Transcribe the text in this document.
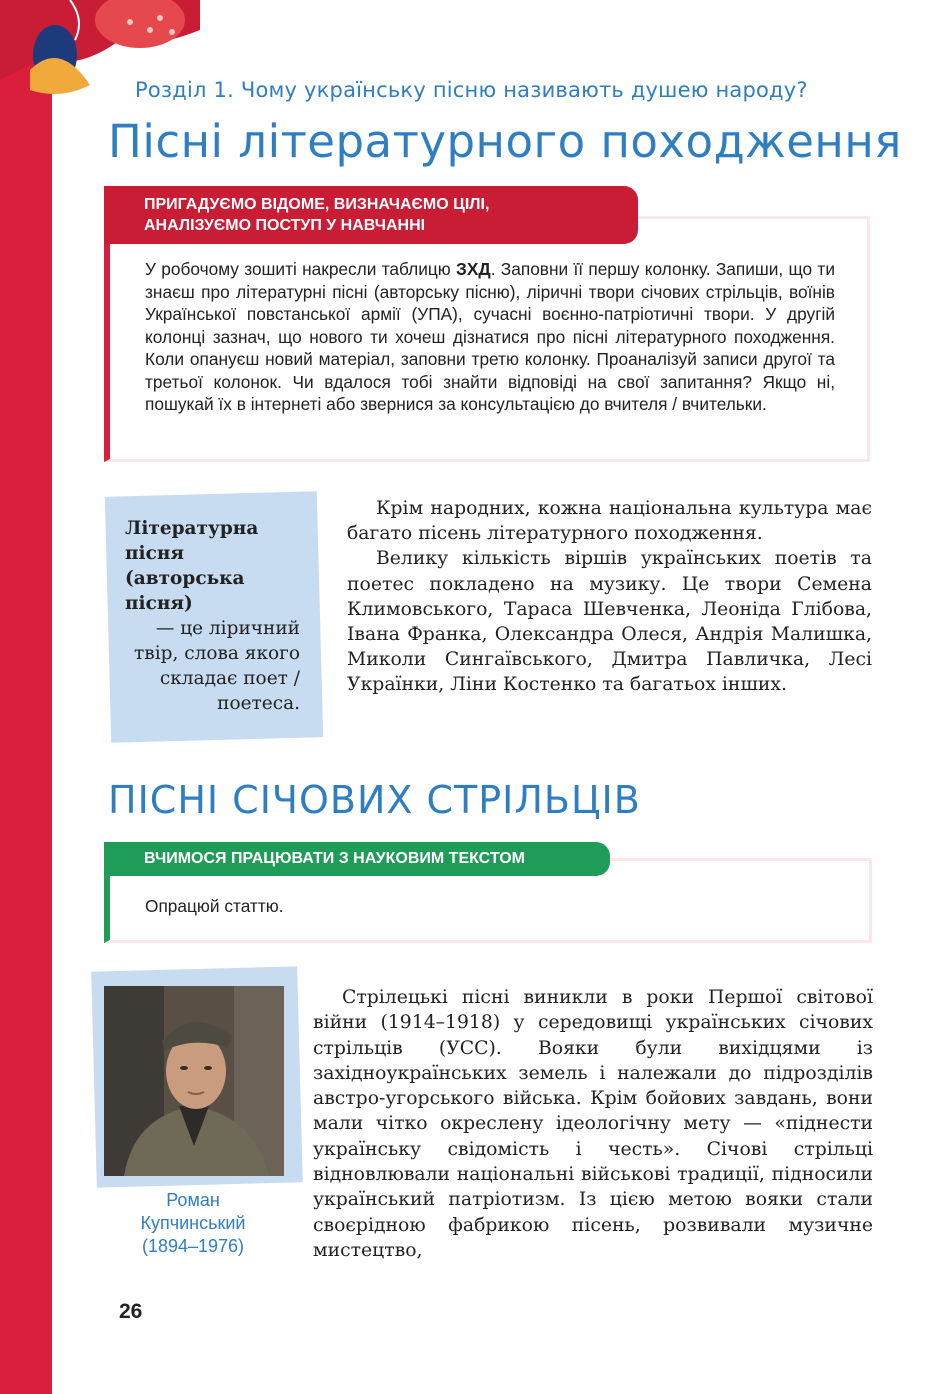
Розділ 1. Чому українську пісню називають душею народу?
Пісні літературного походження
ПРИГАДУЄМО ВІДОМЕ, ВИЗНАЧАЄМО ЦІЛІ,
АНАЛІЗУЄМО ПОСТУП У НАВЧАННІ
У робочому зошиті накресли таблицю ЗХД. Заповни її першу колонку. Запиши, що ти знаєш про літературні пісні (авторську пісню), ліричні твори січових стрільців, воїнів Української повстанської армії (УПА), сучасні воєнно-патріотичні твори. У другій колонці зазнач, що нового ти хочеш дізнатися про пісні літературного походження. Коли опануєш новий матеріал, заповни третю колонку. Проаналізуй записи другої та третьої колонок. Чи вдалося тобі знайти відповіді на свої запитання? Якщо ні, пошукай їх в інтернеті або звернися за консультацією до вчителя / вчительки.
Літературна пісня (авторська пісня)
— це ліричний твір, слова якого складає поет / поетеса.

Крім народних, кожна національна культура має багато пісень літературного походження.

Велику кількість віршів українських поетів та поетес покладено на музику. Це твори Семена Климовського, Тараса Шевченка, Леоніда Глібова, Івана Франка, Олександра Олеся, Андрія Малишка, Миколи Сингаївського, Дмитра Павличка, Лесі Українки, Ліни Костенко та багатьох інших.

ПІСНІ СІЧОВИХ СТРІЛЬЦІВ
ВЧИМОСЯ ПРАЦЮВАТИ З НАУКОВИМ ТЕКСТОМ
Опрацюй статтю.
Роман
Купчинський
(1894–1976)

Стрілецькі пісні виникли в роки Першої світової війни (1914–1918) у середовищі українських січових стрільців (УСС). Вояки були вихідцями із західноукраїнських земель і належали до підрозділів австро-угорського війська. Крім бойових завдань, вони мали чітко окреслену ідеологічну мету — «піднести українську свідомість і честь». Січові стрільці відновлювали національні військові традиції, підносили український патріотизм. Із цією метою вояки стали своєрідною фабрикою пісень, розвивали музичне мистецтво,

26
